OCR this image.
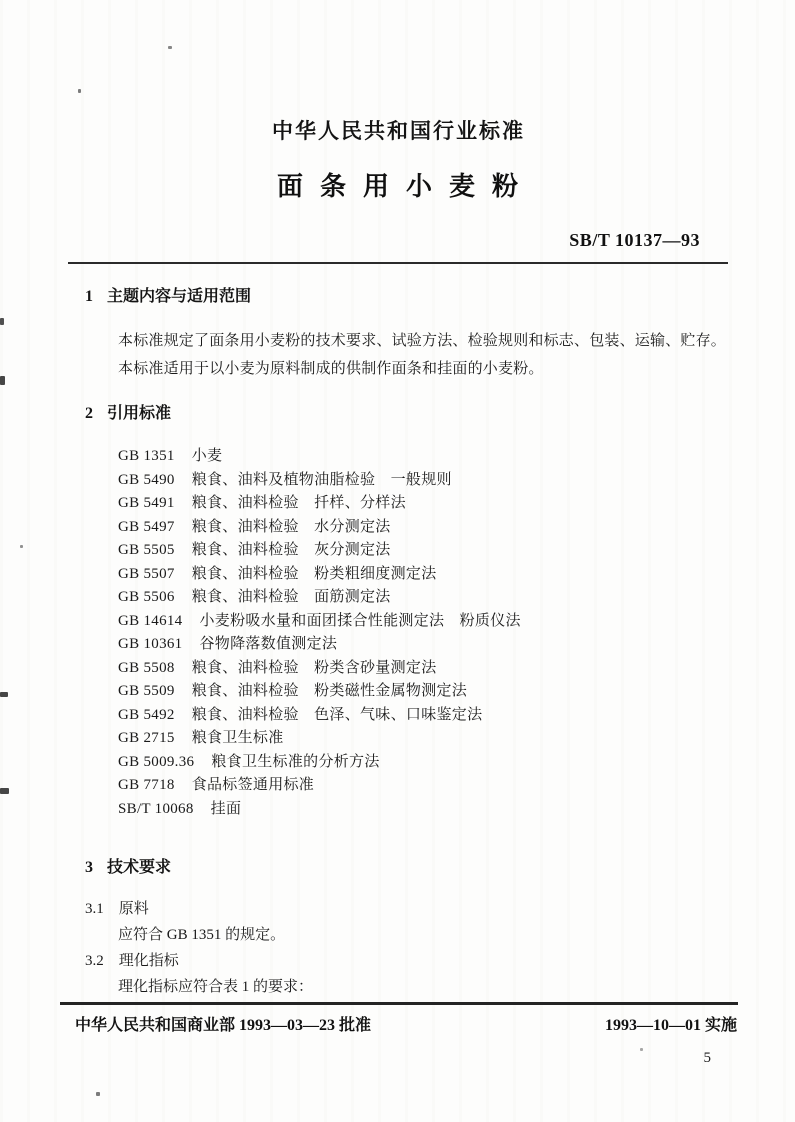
中华人民共和国行业标准
面条用小麦粉
SB/T 10137—93
1 主题内容与适用范围
本标准规定了面条用小麦粉的技术要求、试验方法、检验规则和标志、包装、运输、贮存。
本标准适用于以小麦为原料制成的供制作面条和挂面的小麦粉。
2 引用标准
GB 1351 小麦
GB 5490 粮食、油料及植物油脂检验　一般规则
GB 5491 粮食、油料检验　扦样、分样法
GB 5497 粮食、油料检验　水分测定法
GB 5505 粮食、油料检验　灰分测定法
GB 5507 粮食、油料检验　粉类粗细度测定法
GB 5506 粮食、油料检验　面筋测定法
GB 14614 小麦粉吸水量和面团揉合性能测定法　粉质仪法
GB 10361 谷物降落数值测定法
GB 5508 粮食、油料检验　粉类含砂量测定法
GB 5509 粮食、油料检验　粉类磁性金属物测定法
GB 5492 粮食、油料检验　色泽、气味、口味鉴定法
GB 2715 粮食卫生标准
GB 5009.36 粮食卫生标准的分析方法
GB 7718 食品标签通用标准
SB/T 10068 挂面
3 技术要求
3.1 原料
应符合 GB 1351 的规定。
3.2 理化指标
理化指标应符合表 1 的要求：
中华人民共和国商业部 1993—03—23 批准	1993—10—01 实施
5
